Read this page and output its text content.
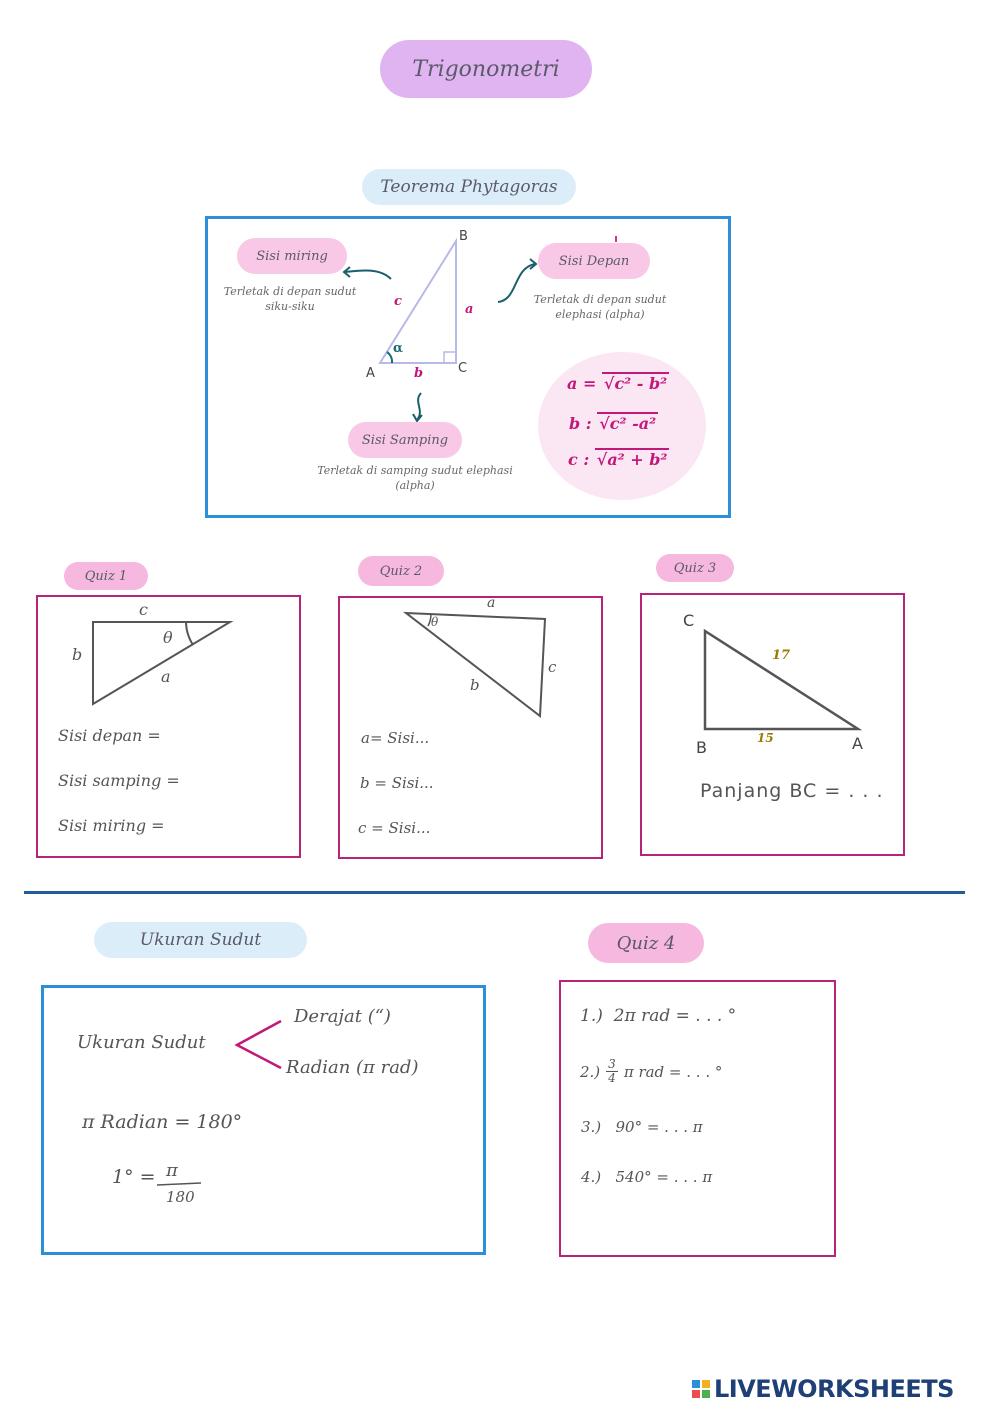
Trigonometri
Teorema Phytagoras
A
B
C
c
a
b
α
Sisi miring
Terletak di depan sudut
siku-siku
Sisi Depan
Terletak di depan sudut
elephasi (alpha)
Sisi Samping
Terletak di samping sudut elephasi
(alpha)
a = √c² - b²
b : √c² -a²
c : √a² + b²
Quiz 1
c
b
a
θ
Sisi depan =
Sisi samping =
Sisi miring =
Quiz 2
a
θ
b
c
a= Sisi...
b = Sisi...
c = Sisi...
Quiz 3
C
B	A
17
15
Panjang BC = . . .
Ukuran Sudut
Ukuran Sudut
Derajat (“)
Radian (π rad)
π Radian = 180°
1° = π
180
Quiz 4
1.) 2π rad = . . . °
2.) 3
4 π rad = . . . °
3.) 90° = . . . π
4.) 540° = . . . π
LIVEWORKSHEETS
